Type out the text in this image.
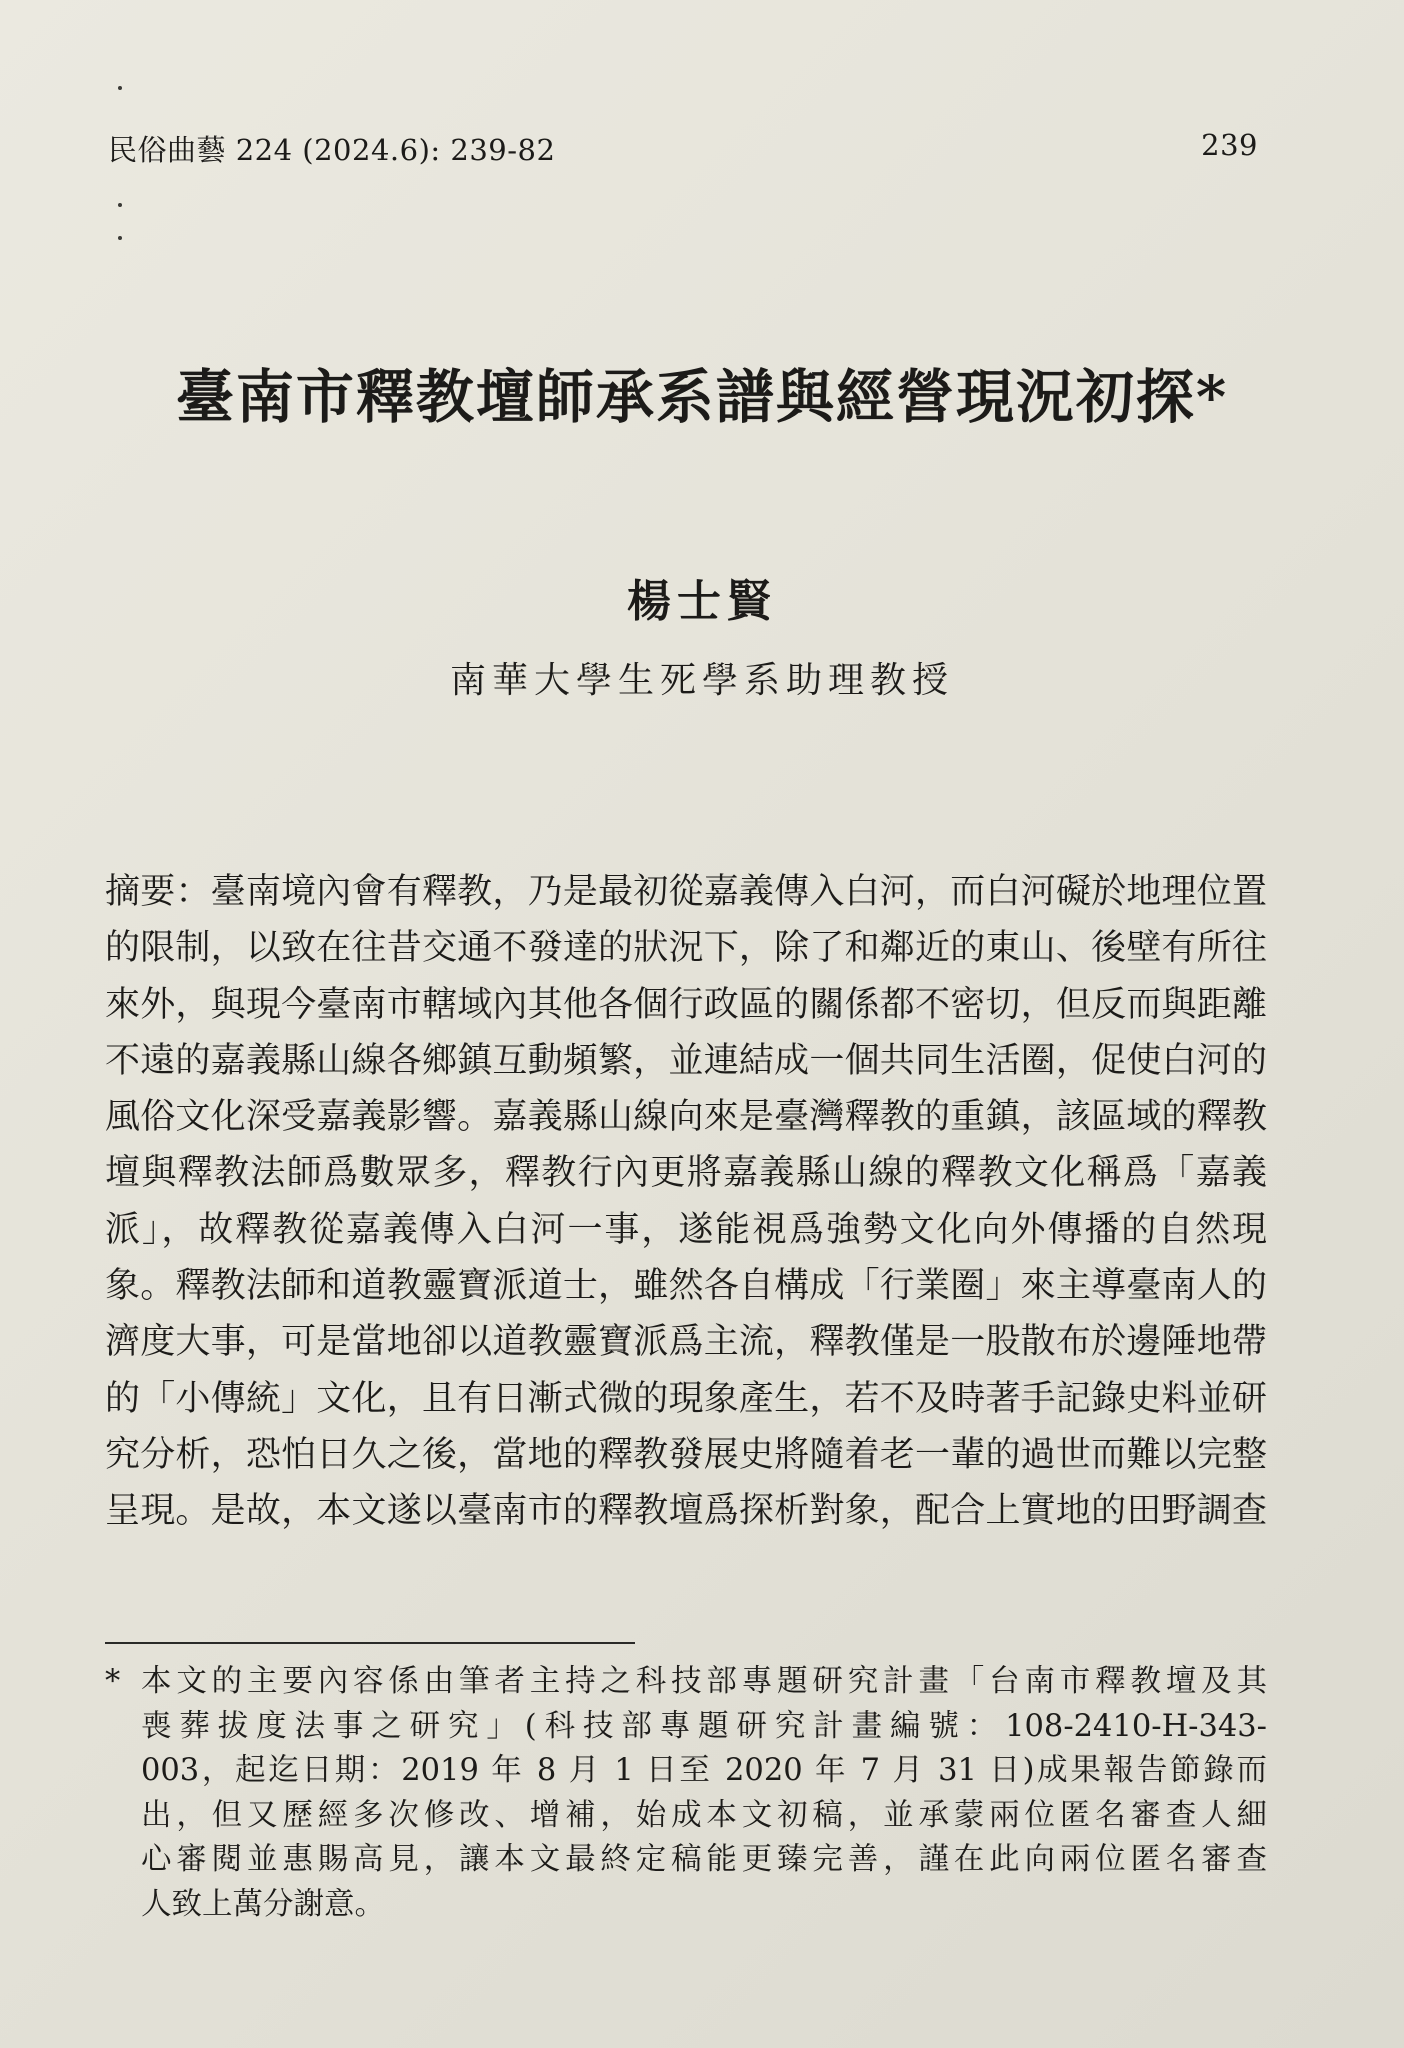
民俗曲藝 224 (2024.6): 239-82	239
臺南市釋教壇師承系譜與經營現況初探*
楊士賢
南華大學生死學系助理教授
摘要：臺南境內會有釋教，乃是最初從嘉義傳入白河，而白河礙於地理位置
的限制，以致在往昔交通不發達的狀況下，除了和鄰近的東山、後壁有所往
來外，與現今臺南市轄域內其他各個行政區的關係都不密切，但反而與距離
不遠的嘉義縣山線各鄉鎮互動頻繁，並連結成一個共同生活圈，促使白河的
風俗文化深受嘉義影響。嘉義縣山線向來是臺灣釋教的重鎮，該區域的釋教
壇與釋教法師爲數眾多，釋教行內更將嘉義縣山線的釋教文化稱爲「嘉義
派」，故釋教從嘉義傳入白河一事，遂能視爲強勢文化向外傳播的自然現
象。釋教法師和道教靈寶派道士，雖然各自構成「行業圈」來主導臺南人的
濟度大事，可是當地卻以道教靈寶派爲主流，釋教僅是一股散布於邊陲地帶
的「小傳統」文化，且有日漸式微的現象產生，若不及時著手記錄史料並研
究分析，恐怕日久之後，當地的釋教發展史將隨着老一輩的過世而難以完整
呈現。是故，本文遂以臺南市的釋教壇爲探析對象，配合上實地的田野調查
* 本文的主要內容係由筆者主持之科技部專題研究計畫「台南市釋教壇及其
喪葬拔度法事之研究」(科技部專題研究計畫編號：108-2410-H-343-
003，起迄日期：2019 年 8 月 1 日至 2020 年 7 月 31 日)成果報告節錄而
出，但又歷經多次修改、增補，始成本文初稿，並承蒙兩位匿名審查人細
心審閱並惠賜高見，讓本文最終定稿能更臻完善，謹在此向兩位匿名審查
人致上萬分謝意。
